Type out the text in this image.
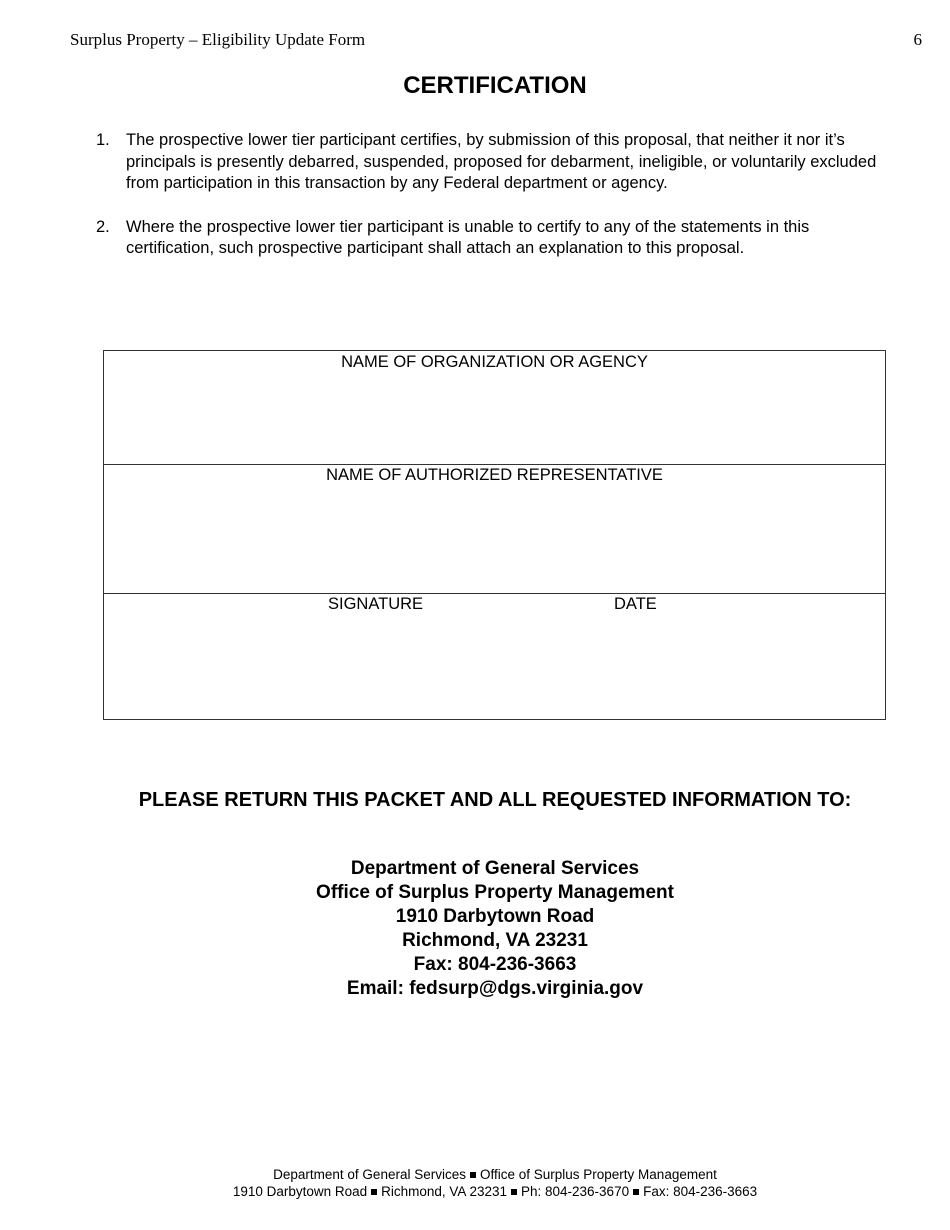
Surplus Property – Eligibility Update Form	6
CERTIFICATION
1. The prospective lower tier participant certifies, by submission of this proposal, that neither it nor it’s principals is presently debarred, suspended, proposed for debarment, ineligible, or voluntarily excluded from participation in this transaction by any Federal department or agency.
2. Where the prospective lower tier participant is unable to certify to any of the statements in this certification, such prospective participant shall attach an explanation to this proposal.
NAME OF ORGANIZATION OR AGENCY
NAME OF AUTHORIZED REPRESENTATIVE
SIGNATURE	DATE
PLEASE RETURN THIS PACKET AND ALL REQUESTED INFORMATION TO:
Department of General Services
Office of Surplus Property Management
1910 Darbytown Road
Richmond, VA 23231
Fax: 804-236-3663
Email: fedsurp@dgs.virginia.gov
Department of General Services Office of Surplus Property Management
1910 Darbytown Road Richmond, VA 23231 Ph: 804-236-3670 Fax: 804-236-3663
